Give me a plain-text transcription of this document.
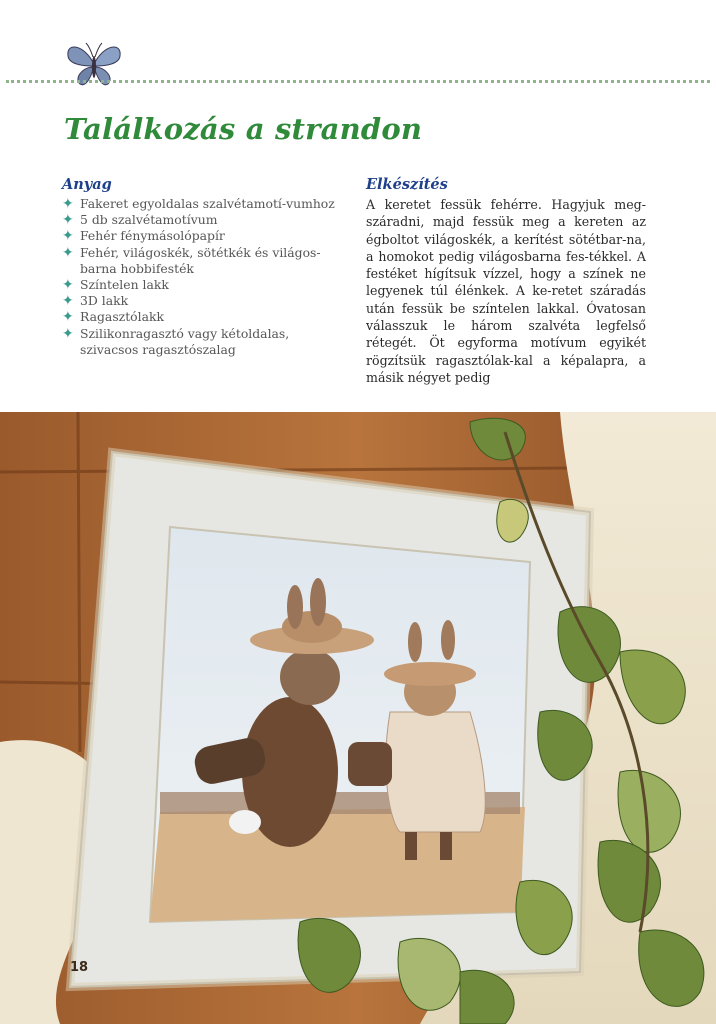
Találkozás a strandon
Anyag
✦ Fakeret egyoldalas szalvétamotí-vumhoz
✦ 5 db szalvétamotívum
✦ Fehér fénymásolópapír
✦ Fehér, világoskék, sötétkék és világos-barna hobbifesték
✦ Színtelen lakk
✦ 3D lakk
✦ Ragasztólakk
✦ Szilikonragasztó vagy kétoldalas, szivacsos ragasztószalag
Elkészítés

A keretet fessük fehérre. Hagyjuk meg-száradni, majd fessük meg a kereten az égboltot világoskék, a kerítést sötétbar-na, a homokot pedig világosbarna fes-tékkel. A festéket hígítsuk vízzel, hogy a színek ne legyenek túl élénkek. A ke-retet száradás után fessük be színtelen lakkal. Óvatosan válasszuk le három szalvéta legfelső rétegét. Öt egyforma motívum egyikét rögzítsük ragasztólak-kal a képalapra, a másik négyet pedig

18
